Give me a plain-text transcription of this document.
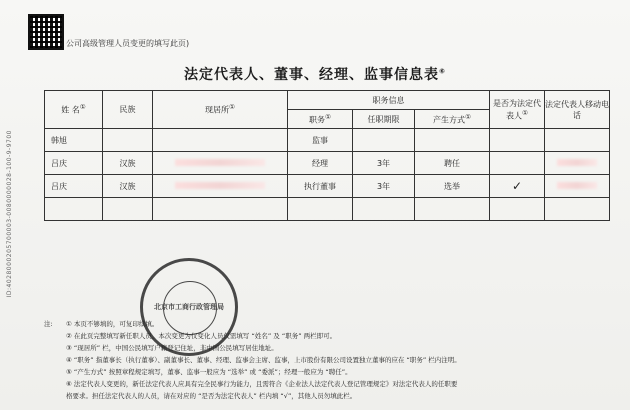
公司高级管理人员变更的填写此页)
法定代表人、董事、经理、监事信息表⑥
ID:4028000205700003-0080000028-100-9-9700
姓 名①	民族	现居所①	职务信息			是否为法定代表人①	法定代表人移动电话
			职务①	任职期限	产生方式①
韩旭			监事				
吕庆	汉族		经理	3年	聘任		
吕庆	汉族		执行董事	3年	选举	✓	

北京市工商行政管理局
注: ① 本页不够填的，可复印续填。
② 在此页完整填写新任职人员，本次变更为仅变化人员仅需填写 “姓名” 及 “职务” 两栏即可。
③ “现居所” 栏，中国公民填写户籍登记住址，非中国公民填写居住地址。
④ “职务” 指董事长（执行董事）、副董事长、董事、经理、监事会主席、监事，上市股份有限公司设置独立董事的应在 “职务” 栏内注明。
⑤ “产生方式” 按照章程规定填写，董事、监事一般应为 “选举” 或 “委派”；经理一般应为 “聘任”。
⑥ 法定代表人变更的，新任法定代表人应具有完全民事行为能力，且需符合《企业法人法定代表人登记管理规定》对法定代表人的任职要
格要求。担任法定代表人的人员，请在对应的 “是否为法定代表人” 栏内填 “√”，其他人员勿填此栏。
